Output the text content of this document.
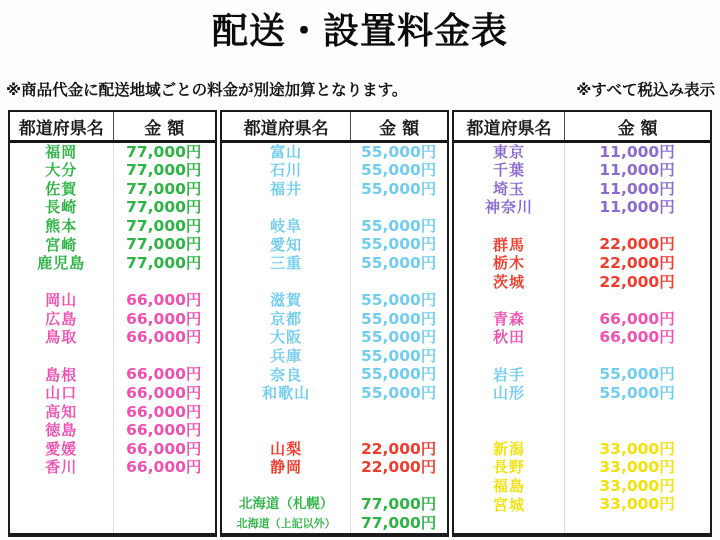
配送・設置料金表
※商品代金に配送地域ごとの料金が別途加算となります。	※すべて税込み表示
都道府県名	金 額
福岡	77,000円
大分	77,000円
佐賀	77,000円
長崎	77,000円
熊本	77,000円
宮崎	77,000円
鹿児島	77,000円
岡山	66,000円
広島	66,000円
鳥取	66,000円
島根	66,000円
山口	66,000円
高知	66,000円
徳島	66,000円
愛媛	66,000円
香川	66,000円
都道府県名	金 額
富山	55,000円
石川	55,000円
福井	55,000円
岐阜	55,000円
愛知	55,000円
三重	55,000円
滋賀	55,000円
京都	55,000円
大阪	55,000円
兵庫	55,000円
奈良	55,000円
和歌山	55,000円
山梨	22,000円
静岡	22,000円
北海道（札幌）	77,000円
北海道（上記以外）	77,000円
都道府県名	金 額
東京	11,000円
千葉	11,000円
埼玉	11,000円
神奈川	11,000円
群馬	22,000円
栃木	22,000円
茨城	22,000円
青森	66,000円
秋田	66,000円
岩手	55,000円
山形	55,000円
新潟	33,000円
長野	33,000円
福島	33,000円
宮城	33,000円
